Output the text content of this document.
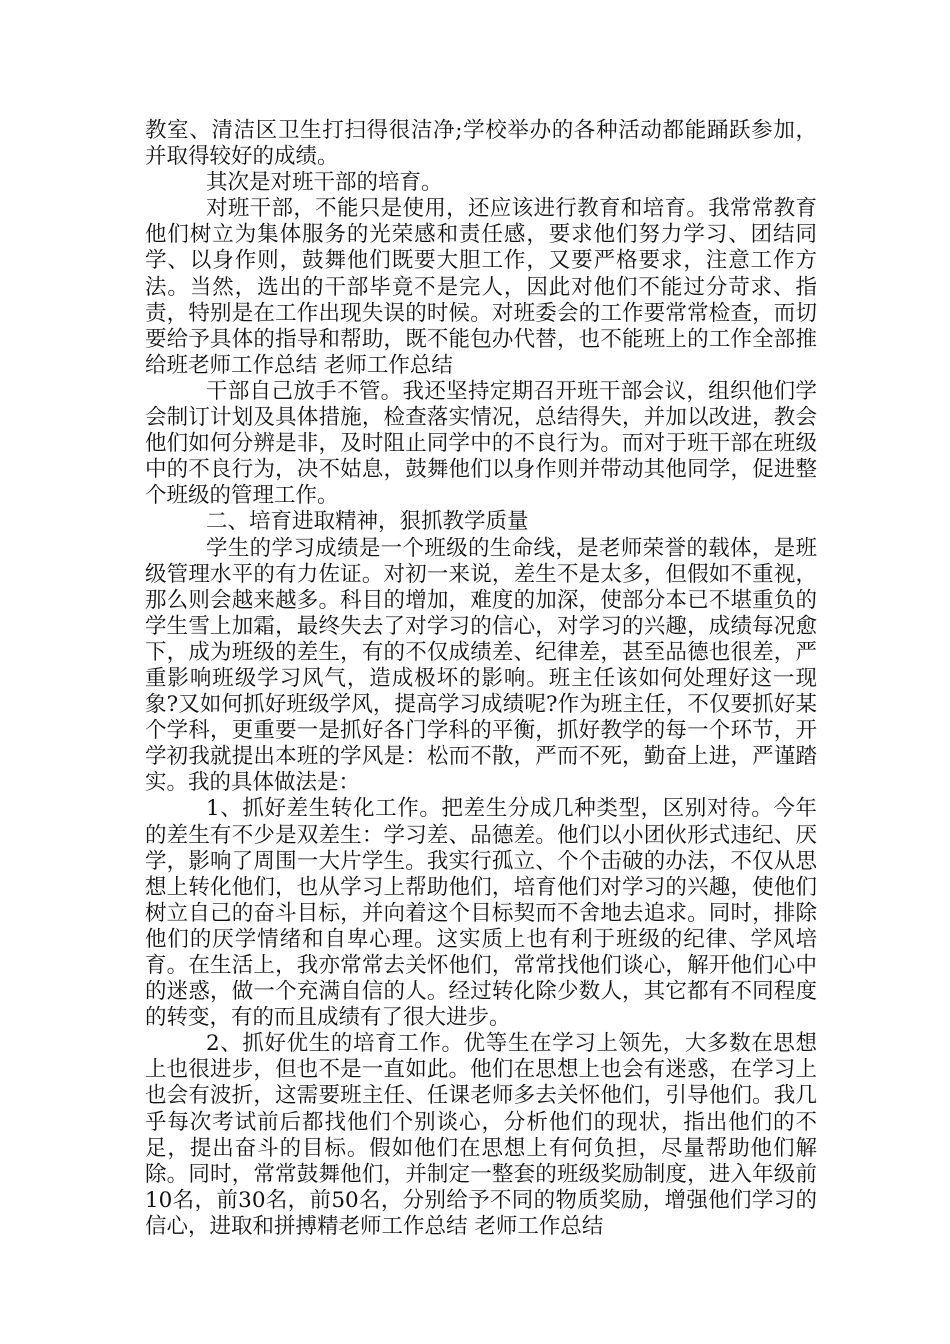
教室、清洁区卫生打扫得很洁净;学校举办的各种活动都能踊跃参加，并取得较好的成绩。

其次是对班干部的培育。

对班干部，不能只是使用，还应该进行教育和培育。我常常教育他们树立为集体服务的光荣感和责任感，要求他们努力学习、团结同学、以身作则，鼓舞他们既要大胆工作，又要严格要求，注意工作方法。当然，选出的干部毕竟不是完人，因此对他们不能过分苛求、指责，特别是在工作出现失误的时候。对班委会的工作要常常检查，而切要给予具体的指导和帮助，既不能包办代替，也不能班上的工作全部推给班老师工作总结 老师工作总结

干部自己放手不管。我还坚持定期召开班干部会议，组织他们学会制订计划及具体措施，检查落实情况，总结得失，并加以改进，教会他们如何分辨是非，及时阻止同学中的不良行为。而对于班干部在班级中的不良行为，决不姑息，鼓舞他们以身作则并带动其他同学，促进整个班级的管理工作。

二、培育进取精神，狠抓教学质量

学生的学习成绩是一个班级的生命线，是老师荣誉的载体，是班级管理水平的有力佐证。对初一来说，差生不是太多，但假如不重视，那么则会越来越多。科目的增加，难度的加深，使部分本已不堪重负的学生雪上加霜，最终失去了对学习的信心，对学习的兴趣，成绩每况愈下，成为班级的差生，有的不仅成绩差、纪律差，甚至品德也很差，严重影响班级学习风气，造成极坏的影响。班主任该如何处理好这一现象?又如何抓好班级学风，提高学习成绩呢?作为班主任，不仅要抓好某个学科，更重要一是抓好各门学科的平衡，抓好教学的每一个环节，开学初我就提出本班的学风是：松而不散，严而不死，勤奋上进，严谨踏实。我的具体做法是：

1、抓好差生转化工作。把差生分成几种类型，区别对待。今年的差生有不少是双差生：学习差、品德差。他们以小团伙形式违纪、厌学，影响了周围一大片学生。我实行孤立、个个击破的办法，不仅从思想上转化他们，也从学习上帮助他们，培育他们对学习的兴趣，使他们树立自己的奋斗目标，并向着这个目标契而不舍地去追求。同时，排除他们的厌学情绪和自卑心理。这实质上也有利于班级的纪律、学风培育。在生活上，我亦常常去关怀他们，常常找他们谈心，解开他们心中的迷惑，做一个充满自信的人。经过转化除少数人，其它都有不同程度的转变，有的而且成绩有了很大进步。

2、抓好优生的培育工作。优等生在学习上领先，大多数在思想上也很进步，但也不是一直如此。他们在思想上也会有迷惑，在学习上也会有波折，这需要班主任、任课老师多去关怀他们，引导他们。我几乎每次考试前后都找他们个别谈心，分析他们的现状，指出他们的不足，提出奋斗的目标。假如他们在思想上有何负担，尽量帮助他们解除。同时，常常鼓舞他们，并制定一整套的班级奖励制度，进入年级前10名，前30名，前50名，分别给予不同的物质奖励，增强他们学习的信心，进取和拼搏精老师工作总结 老师工作总结
